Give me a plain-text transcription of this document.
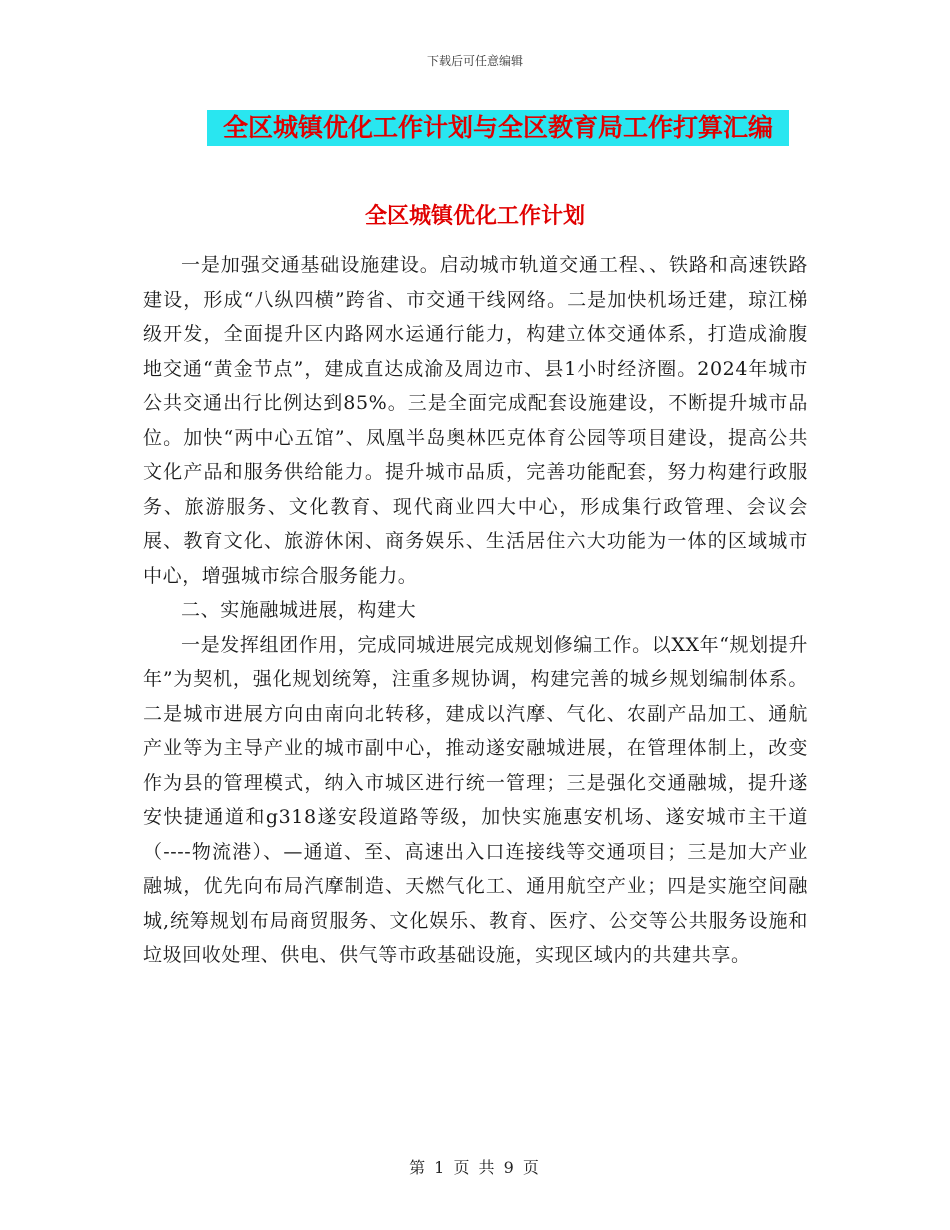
下载后可任意编辑
全区城镇优化工作计划与全区教育局工作打算汇编
全区城镇优化工作计划

一是加强交通基础设施建设。启动城市轨道交通工程、、铁路和高速铁路建设，形成“八纵四横”跨省、市交通干线网络。二是加快机场迁建，琼江梯级开发，全面提升区内路网水运通行能力，构建立体交通体系，打造成渝腹地交通“黄金节点”，建成直达成渝及周边市、县1小时经济圈。2024年城市公共交通出行比例达到85%。三是全面完成配套设施建设，不断提升城市品位。加快“两中心五馆”、凤凰半岛奥林匹克体育公园等项目建设，提高公共文化产品和服务供给能力。提升城市品质，完善功能配套，努力构建行政服务、旅游服务、文化教育、现代商业四大中心，形成集行政管理、会议会展、教育文化、旅游休闲、商务娱乐、生活居住六大功能为一体的区域城市中心，增强城市综合服务能力。

二、实施融城进展，构建大

一是发挥组团作用，完成同城进展完成规划修编工作。以XX年“规划提升年”为契机，强化规划统筹，注重多规协调，构建完善的城乡规划编制体系。二是城市进展方向由南向北转移，建成以汽摩、气化、农副产品加工、通航产业等为主导产业的城市副中心，推动遂安融城进展，在管理体制上，改变作为县的管理模式，纳入市城区进行统一管理；三是强化交通融城，提升遂安快捷通道和g318遂安段道路等级，加快实施惠安机场、遂安城市主干道（----物流港）、—通道、至、高速出入口连接线等交通项目；三是加大产业融城，优先向布局汽摩制造、天燃气化工、通用航空产业；四是实施空间融城,统筹规划布局商贸服务、文化娱乐、教育、医疗、公交等公共服务设施和垃圾回收处理、供电、供气等市政基础设施，实现区域内的共建共享。

第 1 页 共 9 页
